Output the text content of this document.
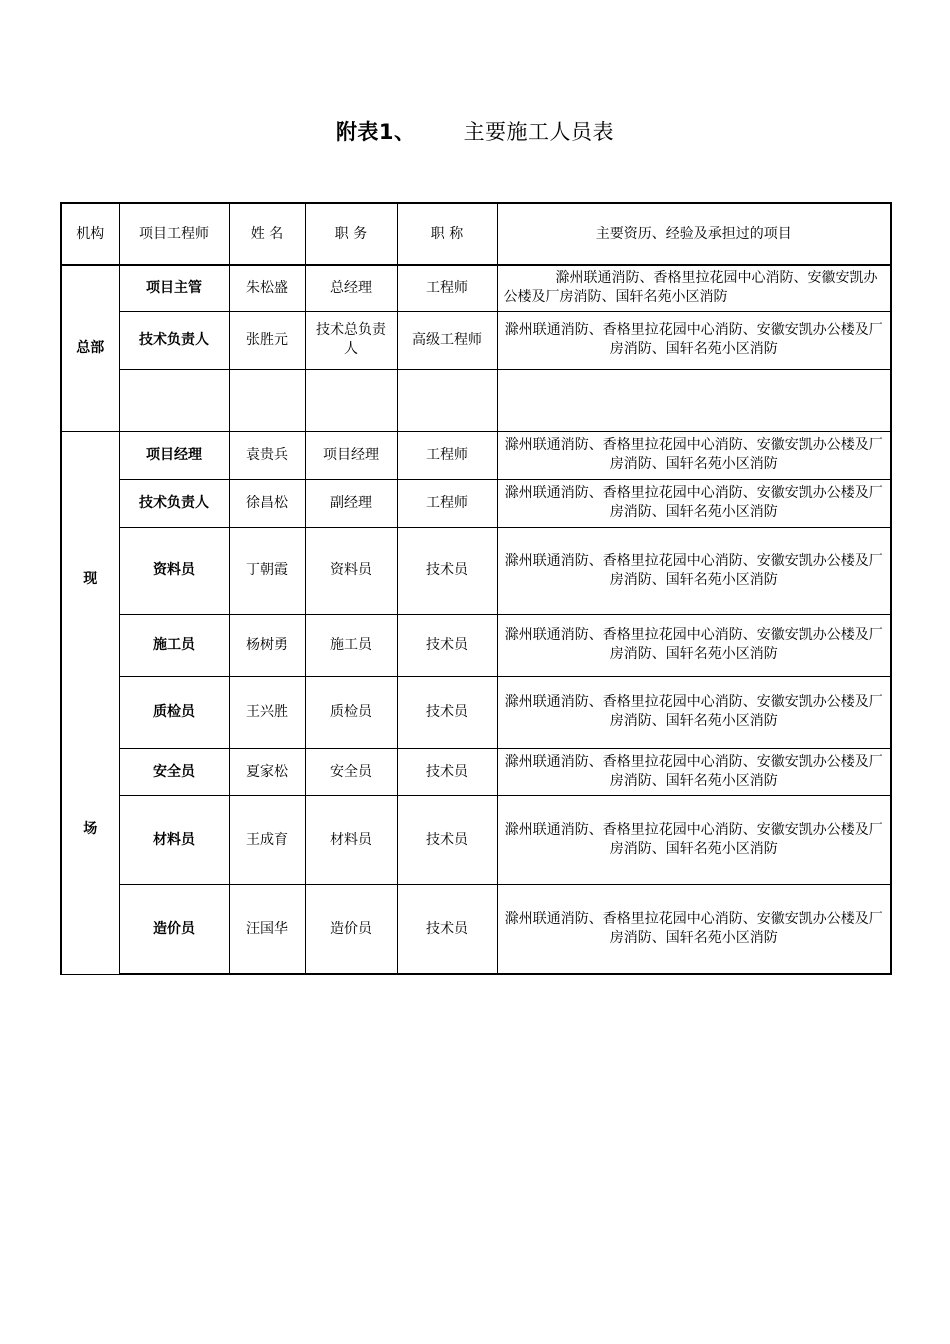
附表1、 主要施工人员表
机构	项目工程师	姓 名	职 务	职 称	主要资历、经验及承担过的项目
总部	项目主管	朱松盛	总经理	工程师	滁州联通消防、香格里拉花园中心消防、安徽安凯办公楼及厂房消防、国轩名苑小区消防
	技术负责人	张胜元	技术总负责人	高级工程师	滁州联通消防、香格里拉花园中心消防、安徽安凯办公楼及厂房消防、国轩名苑小区消防

现
场	项目经理	袁贵兵	项目经理	工程师	滁州联通消防、香格里拉花园中心消防、安徽安凯办公楼及厂房消防、国轩名苑小区消防
	技术负责人	徐昌松	副经理	工程师	滁州联通消防、香格里拉花园中心消防、安徽安凯办公楼及厂房消防、国轩名苑小区消防
	资料员	丁朝霞	资料员	技术员	滁州联通消防、香格里拉花园中心消防、安徽安凯办公楼及厂房消防、国轩名苑小区消防
	施工员	杨树勇	施工员	技术员	滁州联通消防、香格里拉花园中心消防、安徽安凯办公楼及厂房消防、国轩名苑小区消防
	质检员	王兴胜	质检员	技术员	滁州联通消防、香格里拉花园中心消防、安徽安凯办公楼及厂房消防、国轩名苑小区消防
	安全员	夏家松	安全员	技术员	滁州联通消防、香格里拉花园中心消防、安徽安凯办公楼及厂房消防、国轩名苑小区消防
	材料员	王成育	材料员	技术员	滁州联通消防、香格里拉花园中心消防、安徽安凯办公楼及厂房消防、国轩名苑小区消防
	造价员	汪国华	造价员	技术员	滁州联通消防、香格里拉花园中心消防、安徽安凯办公楼及厂房消防、国轩名苑小区消防
